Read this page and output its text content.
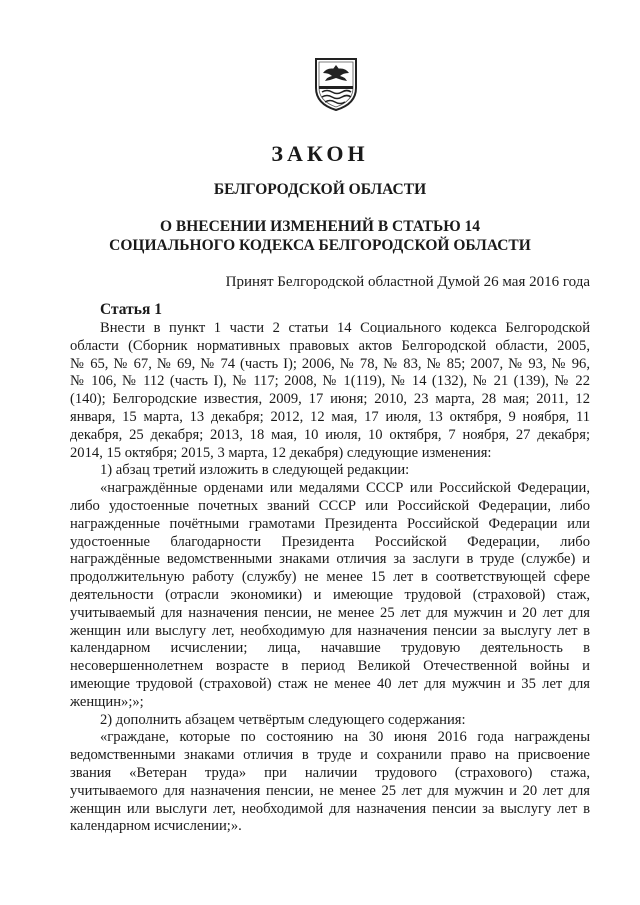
ЗАКОН
БЕЛГОРОДСКОЙ ОБЛАСТИ
О ВНЕСЕНИИ ИЗМЕНЕНИЙ В СТАТЬЮ 14
СОЦИАЛЬНОГО КОДЕКСА БЕЛГОРОДСКОЙ ОБЛАСТИ
Принят Белгородской областной Думой 26 мая 2016 года
Статья 1

Внести в пункт 1 части 2 статьи 14 Социального кодекса Белгородской
области (Сборник нормативных правовых актов Белгородской области, 2005,
№ 65, № 67, № 69, № 74 (часть I); 2006, № 78, № 83, № 85; 2007, № 93, № 96,
№ 106, № 112 (часть I), № 117; 2008, № 1(119), № 14 (132), № 21 (139), № 22
(140); Белгородские известия, 2009, 17 июня; 2010, 23 марта, 28 мая; 2011, 12
января, 15 марта, 13 декабря; 2012, 12 мая, 17 июля, 13 октября, 9 ноября, 11
декабря, 25 декабря; 2013, 18 мая, 10 июля, 10 октября, 7 ноября, 27 декабря;
2014, 15 октября; 2015, 3 марта, 12 декабря) следующие изменения:

1) абзац третий изложить в следующей редакции:

«награждённые орденами или медалями СССР или Российской Федерации,
либо удостоенные почетных званий СССР или Российской Федерации, либо
награжденные почётными грамотами Президента Российской Федерации или
удостоенные благодарности Президента Российской Федерации, либо
награждённые ведомственными знаками отличия за заслуги в труде (службе) и
продолжительную работу (службу) не менее 15 лет в соответствующей сфере
деятельности (отрасли экономики) и имеющие трудовой (страховой) стаж,
учитываемый для назначения пенсии, не менее 25 лет для мужчин и 20 лет для
женщин или выслугу лет, необходимую для назначения пенсии за выслугу лет в
календарном исчислении; лица, начавшие трудовую деятельность в
несовершеннолетнем возрасте в период Великой Отечественной войны и
имеющие трудовой (страховой) стаж не менее 40 лет для мужчин и 35 лет для
женщин»;»;

2) дополнить абзацем четвёртым следующего содержания:

«граждане, которые по состоянию на 30 июня 2016 года награждены
ведомственными знаками отличия в труде и сохранили право на присвоение
звания «Ветеран труда» при наличии трудового (страхового) стажа,
учитываемого для назначения пенсии, не менее 25 лет для мужчин и 20 лет для
женщин или выслуги лет, необходимой для назначения пенсии за выслугу лет в
календарном исчислении;».
